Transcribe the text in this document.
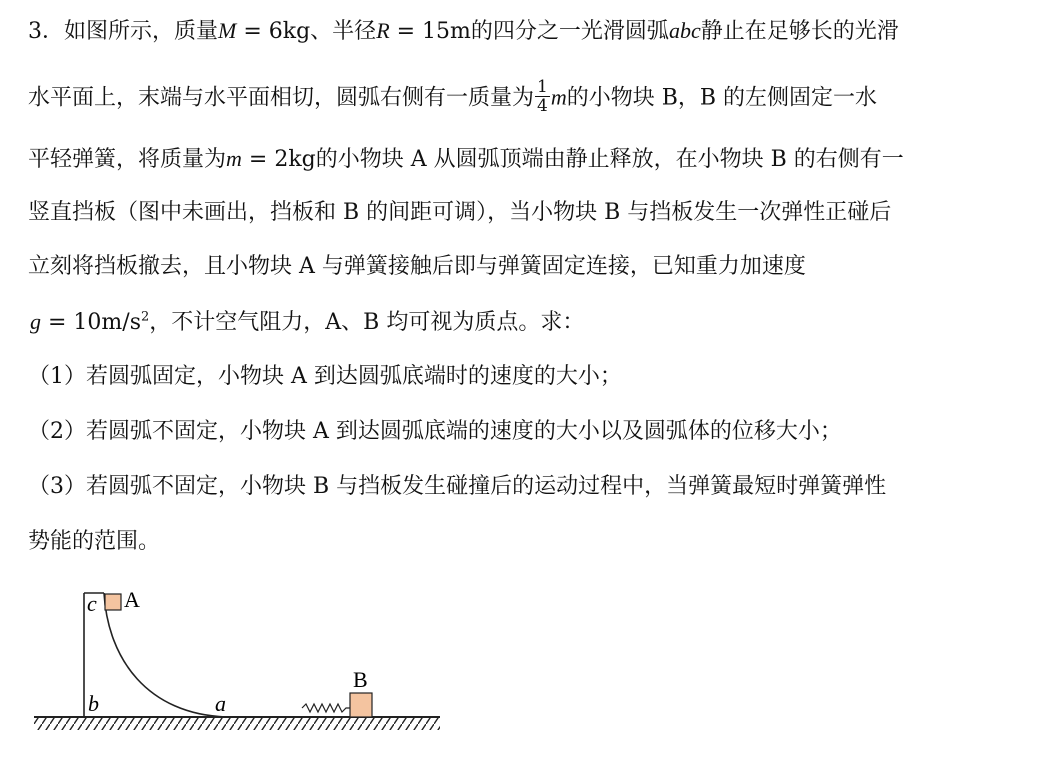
3．如图所示，质量M = 6kg、半径R = 15m的四分之一光滑圆弧abc静止在足够长的光滑
水平面上，末端与水平面相切，圆弧右侧有一质量为 $\frac{1}{4}$ m的小物块 B，B 的左侧固定一水
平轻弹簧，将质量为m = 2kg的小物块 A 从圆弧顶端由静止释放，在小物块 B 的右侧有一
竖直挡板（图中未画出，挡板和 B 的间距可调），当小物块 B 与挡板发生一次弹性正碰后
立刻将挡板撤去，且小物块 A 与弹簧接触后即与弹簧固定连接，已知重力加速度
$g = 10m/s^2$，不计空气阻力，A、B 均可视为质点。求：
（1）若圆弧固定，小物块 A 到达圆弧底端时的速度的大小；
（2）若圆弧不固定，小物块 A 到达圆弧底端的速度的大小以及圆弧体的位移大小；
（3）若圆弧不固定，小物块 B 与挡板发生碰撞后的运动过程中，当弹簧最短时弹簧弹性
势能的范围。
c A
b	a
B
